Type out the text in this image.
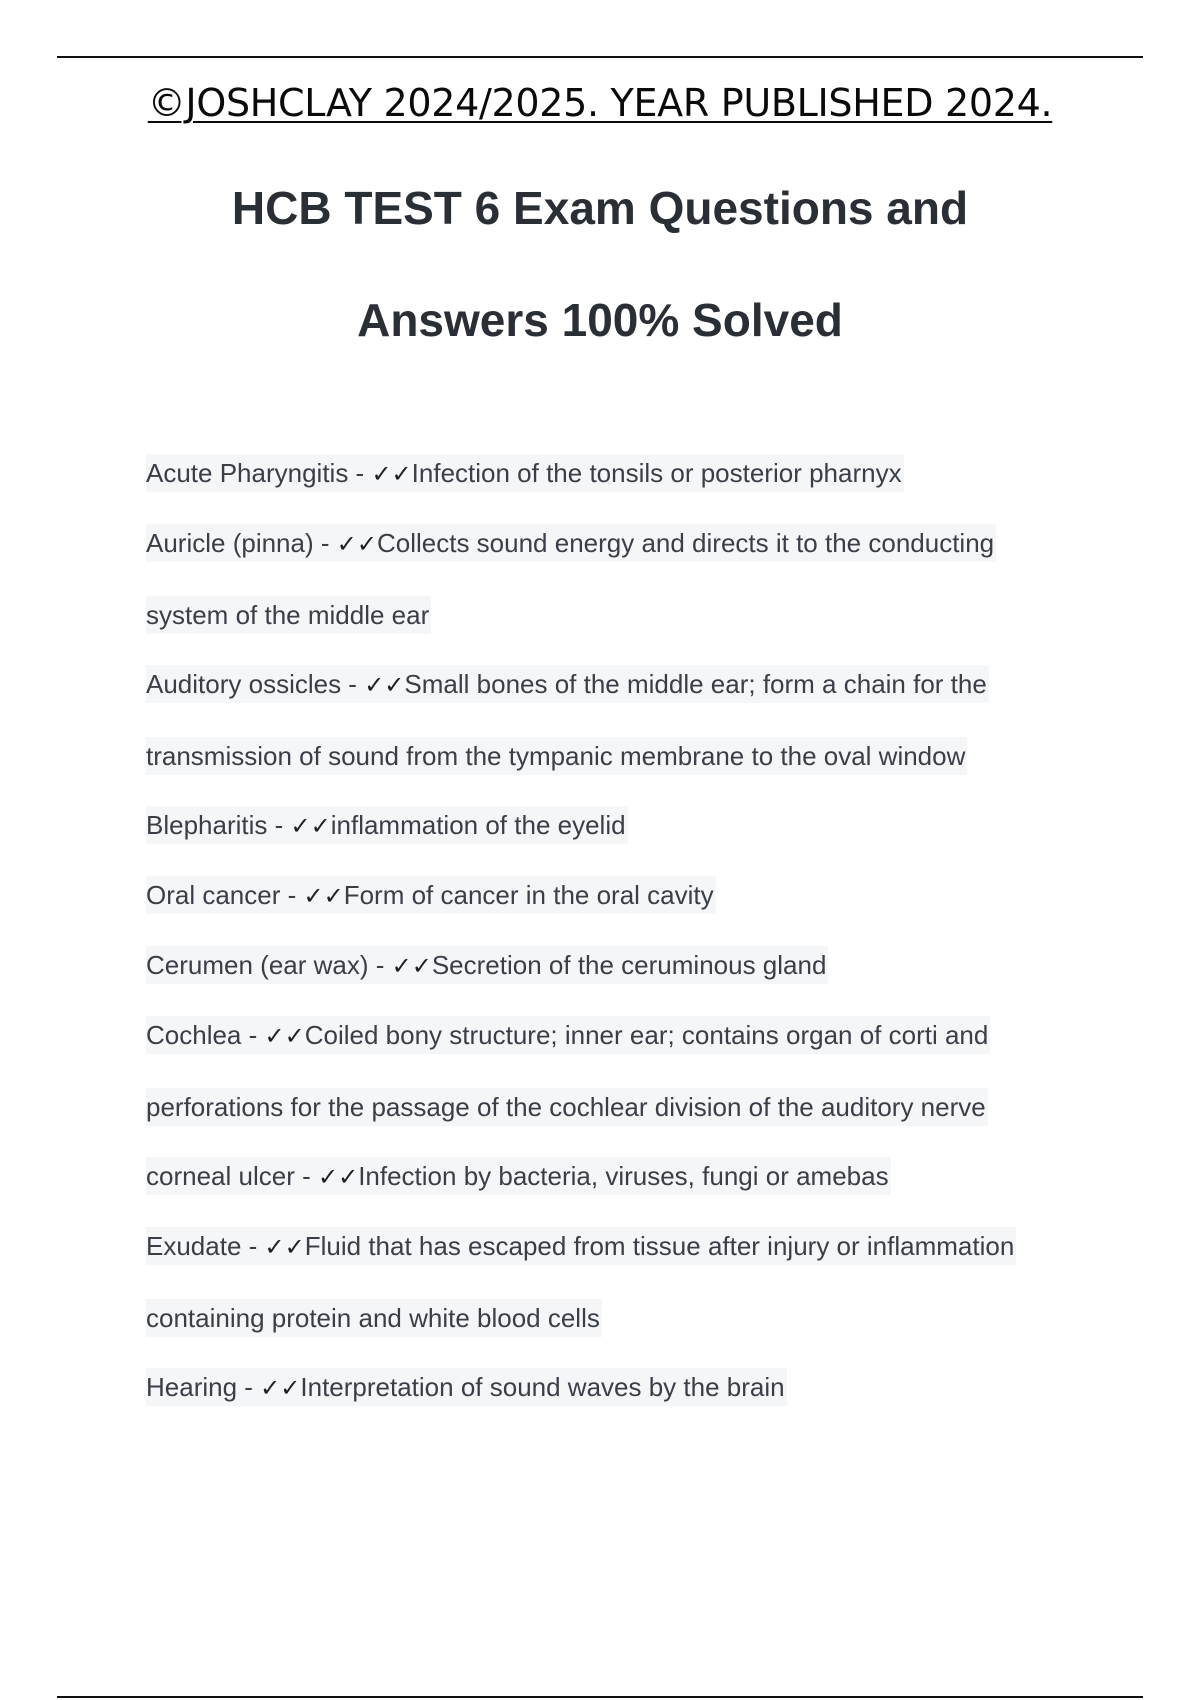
©JOSHCLAY 2024/2025. YEAR PUBLISHED 2024.
HCB TEST 6 Exam Questions and
Answers 100% Solved
Acute Pharyngitis - ✓✓Infection of the tonsils or posterior pharnyx
Auricle (pinna) - ✓✓Collects sound energy and directs it to the conducting system of the middle ear
Auditory ossicles - ✓✓Small bones of the middle ear; form a chain for the transmission of sound from the tympanic membrane to the oval window
Blepharitis - ✓✓inflammation of the eyelid
Oral cancer - ✓✓Form of cancer in the oral cavity
Cerumen (ear wax) - ✓✓Secretion of the ceruminous gland
Cochlea - ✓✓Coiled bony structure; inner ear; contains organ of corti and perforations for the passage of the cochlear division of the auditory nerve
corneal ulcer - ✓✓Infection by bacteria, viruses, fungi or amebas
Exudate - ✓✓Fluid that has escaped from tissue after injury or inflammation containing protein and white blood cells
Hearing - ✓✓Interpretation of sound waves by the brain
